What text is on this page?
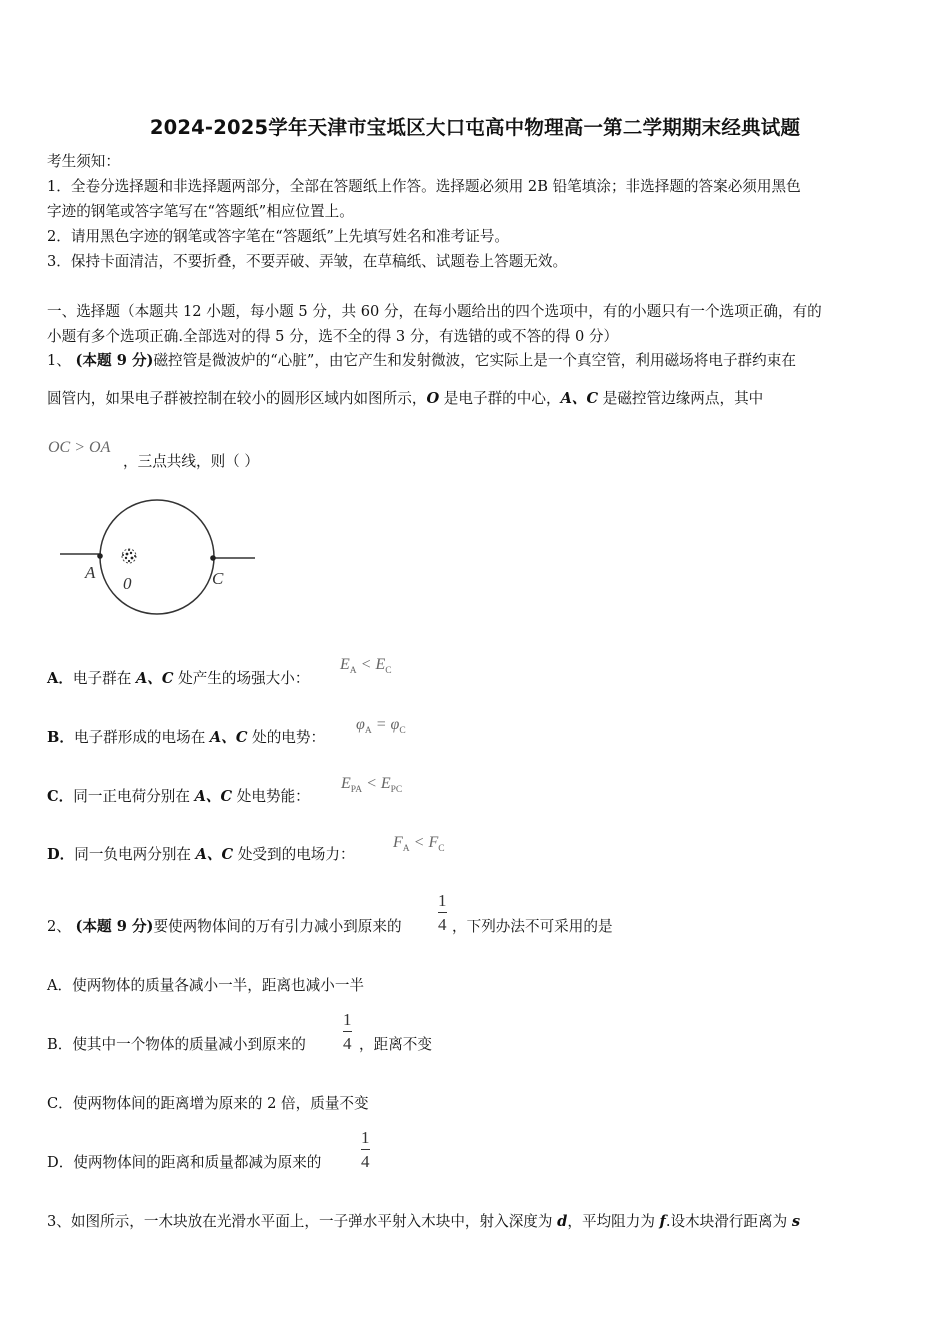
2024-2025学年天津市宝坻区大口屯高中物理高一第二学期期末经典试题
考生须知：
1．全卷分选择题和非选择题两部分，全部在答题纸上作答。选择题必须用 2B 铅笔填涂；非选择题的答案必须用黑色
字迹的钢笔或答字笔写在“答题纸”相应位置上。
2．请用黑色字迹的钢笔或答字笔在“答题纸”上先填写姓名和准考证号。
3．保持卡面清洁，不要折叠，不要弄破、弄皱，在草稿纸、试题卷上答题无效。
一、选择题（本题共 12 小题，每小题 5 分，共 60 分，在每小题给出的四个选项中，有的小题只有一个选项正确，有的
小题有多个选项正确.全部选对的得 5 分，选不全的得 3 分，有选错的或不答的得 0 分）
1、 (本题 9 分)磁控管是微波炉的“心脏”，由它产生和发射微波，它实际上是一个真空管，利用磁场将电子群约束在
圆管内，如果电子群被控制在较小的圆形区域内如图所示，O 是电子群的中心，A、C 是磁控管边缘两点，其中
OC > OA
，三点共线，则（ ）
A
0	C
A．电子群在 A、C 处产生的场强大小：
$E_A < E_C$
B．电子群形成的电场在 A、C 处的电势：
$\varphi_A = \varphi_C$
C．同一正电荷分别在 A、C 处电势能：
$E_{PA} < E_{PC}$
D．同一负电两分别在 A、C 处受到的电场力：
$F_A < F_C$
2、 (本题 9 分)要使两物体间的万有引力减小到原来的
1
4 ，下列办法不可采用的是
A．使两物体的质量各减小一半，距离也减小一半
B．使其中一个物体的质量减小到原来的
1
4 ，距离不变
C．使两物体间的距离增为原来的 2 倍，质量不变
D．使两物体间的距离和质量都减为原来的
1
4
3、如图所示，一木块放在光滑水平面上，一子弹水平射入木块中，射入深度为 d，平均阻力为 f.设木块滑行距离为 s
